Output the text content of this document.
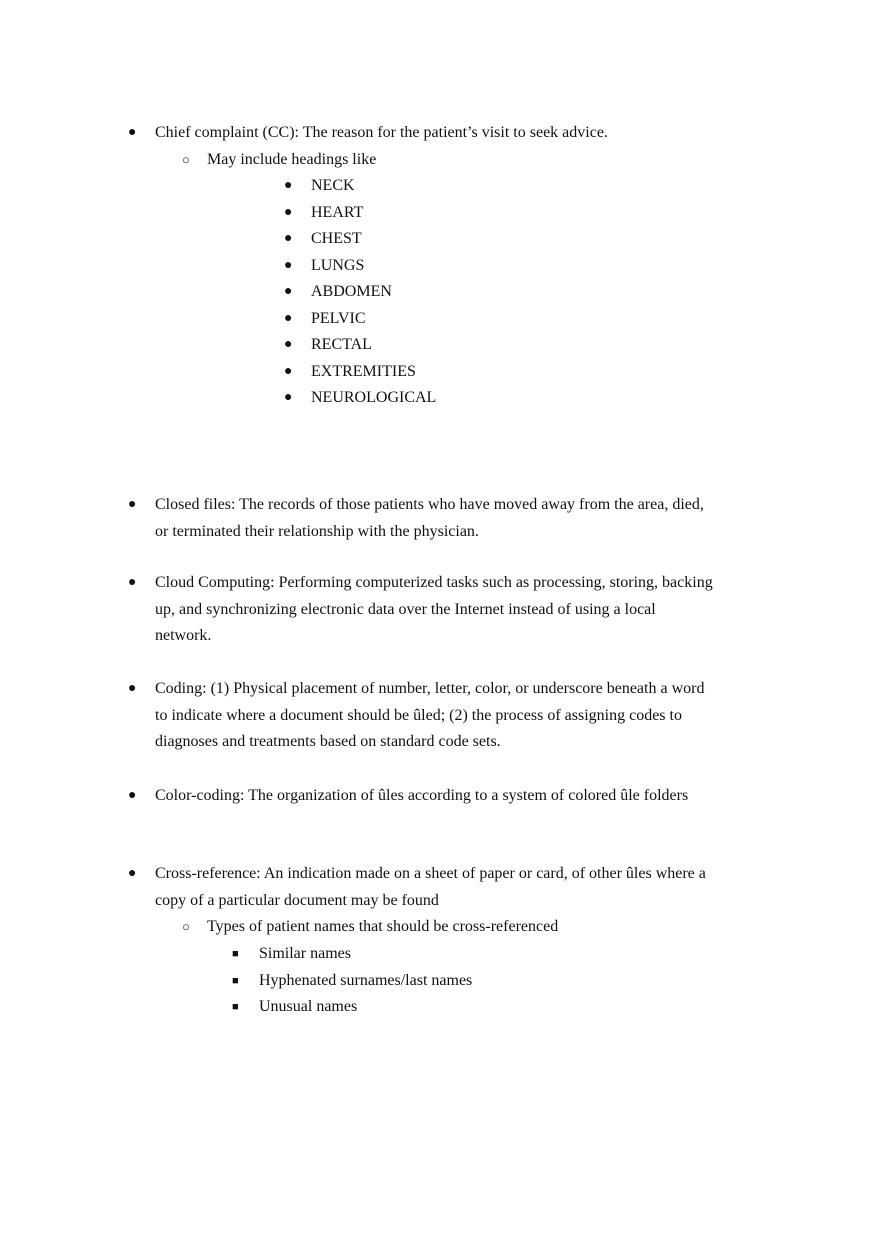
● Chief complaint (CC): The reason for the patient’s visit to seek advice.
○ May include headings like
● NECK
● HEART
● CHEST
● LUNGS
● ABDOMEN
● PELVIC
● RECTAL
● EXTREMITIES
● NEUROLOGICAL
● Closed files: The records of those patients who have moved away from the area, died, or terminated their relationship with the physician.
● Cloud Computing: Performing computerized tasks such as processing, storing, backing up, and synchronizing electronic data over the Internet instead of using a local network.
● Coding: (1) Physical placement of number, letter, color, or underscore beneath a word to indicate where a document should be ûled; (2) the process of assigning codes to diagnoses and treatments based on standard code sets.
● Color-coding: The organization of ûles according to a system of colored ûle folders
● Cross-reference: An indication made on a sheet of paper or card, of other ûles where a copy of a particular document may be found
○ Types of patient names that should be cross-referenced
■ Similar names
■ Hyphenated surnames/last names
■ Unusual names
